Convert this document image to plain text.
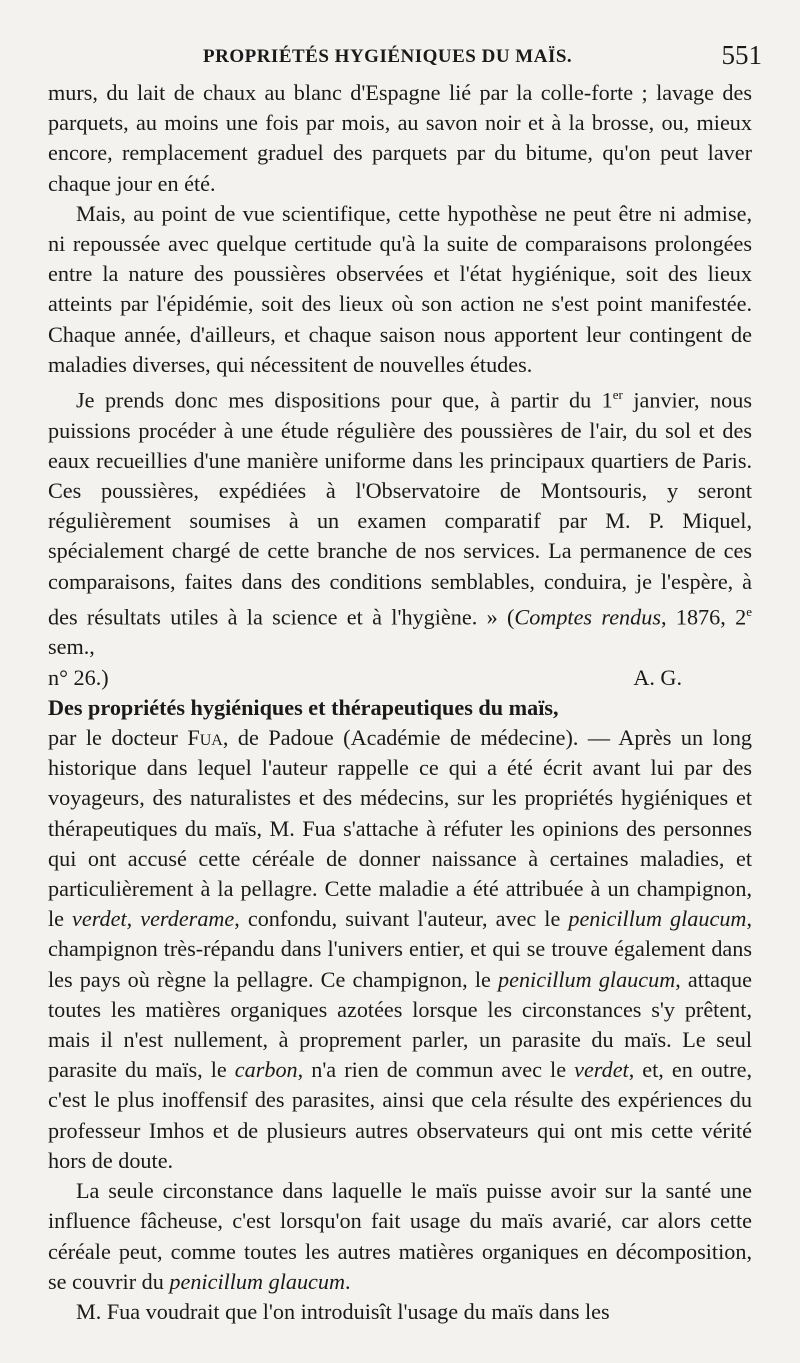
PROPRIÉTÉS HYGIÉNIQUES DU MAÏS.	551

murs, du lait de chaux au blanc d'Espagne lié par la colle-forte ; lavage des parquets, au moins une fois par mois, au savon noir et à la brosse, ou, mieux encore, remplacement graduel des parquets par du bitume, qu'on peut laver chaque jour en été.

Mais, au point de vue scientifique, cette hypothèse ne peut être ni admise, ni repoussée avec quelque certitude qu'à la suite de comparaisons prolongées entre la nature des poussières observées et l'état hygiénique, soit des lieux atteints par l'épidémie, soit des lieux où son action ne s'est point manifestée. Chaque année, d'ailleurs, et chaque saison nous apportent leur contingent de maladies diverses, qui nécessitent de nouvelles études.

Je prends donc mes dispositions pour que, à partir du 1er janvier, nous puissions procéder à une étude régulière des poussières de l'air, du sol et des eaux recueillies d'une manière uniforme dans les principaux quartiers de Paris. Ces poussières, expédiées à l'Observatoire de Montsouris, y seront régulièrement soumises à un examen comparatif par M. P. Miquel, spécialement chargé de cette branche de nos services. La permanence de ces comparaisons, faites dans des conditions semblables, conduira, je l'espère, à des résultats utiles à la science et à l'hygiène. » (Comptes rendus, 1876, 2e sem.,

n° 26.)	A. G.

Des propriétés hygiéniques et thérapeutiques du maïs,
par le docteur Fua, de Padoue (Académie de médecine). — Après un long historique dans lequel l'auteur rappelle ce qui a été écrit avant lui par des voyageurs, des naturalistes et des médecins, sur les propriétés hygiéniques et thérapeutiques du maïs, M. Fua s'attache à réfuter les opinions des personnes qui ont accusé cette céréale de donner naissance à certaines maladies, et particulièrement à la pellagre. Cette maladie a été attribuée à un champignon, le verdet, verderame, confondu, suivant l'auteur, avec le penicillum glaucum, champignon très-répandu dans l'univers entier, et qui se trouve également dans les pays où règne la pellagre. Ce champignon, le penicillum glaucum, attaque toutes les matières organiques azotées lorsque les circonstances s'y prêtent, mais il n'est nullement, à proprement parler, un parasite du maïs. Le seul parasite du maïs, le carbon, n'a rien de commun avec le verdet, et, en outre, c'est le plus inoffensif des parasites, ainsi que cela résulte des expériences du professeur Imhos et de plusieurs autres observateurs qui ont mis cette vérité hors de doute.

La seule circonstance dans laquelle le maïs puisse avoir sur la santé une influence fâcheuse, c'est lorsqu'on fait usage du maïs avarié, car alors cette céréale peut, comme toutes les autres matières organiques en décomposition, se couvrir du penicillum glaucum.

M. Fua voudrait que l'on introduisît l'usage du maïs dans les
